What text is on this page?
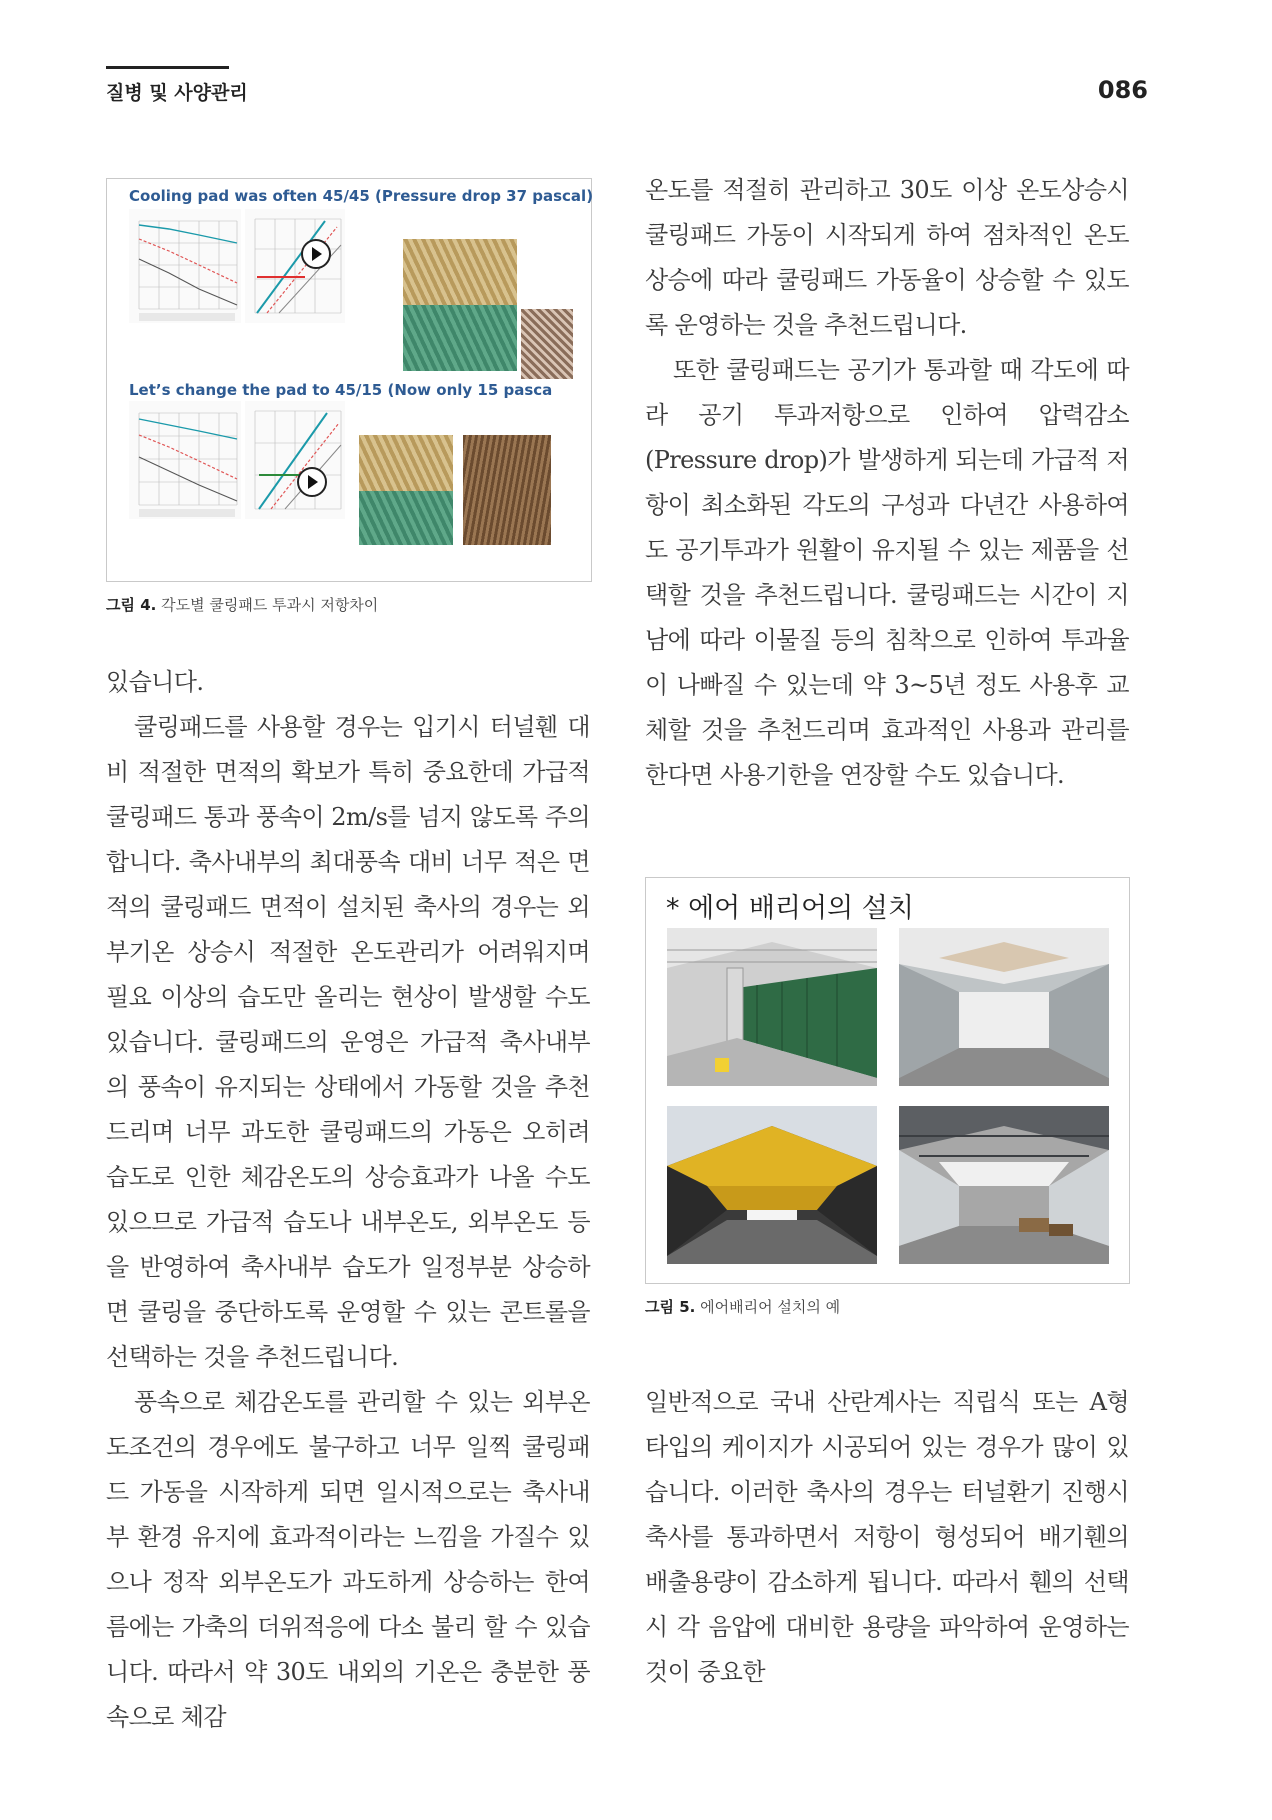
질병 및 사양관리	086
Cooling pad was often 45/45 (Pressure drop 37 pascal)
Let’s change the pad to 45/15 (Now only 15 pasca
그림 4. 각도별 쿨링패드 투과시 저항차이

온도를 적절히 관리하고 30도 이상 온도상승시 쿨링패드 가동이 시작되게 하여 점차적인 온도상승에 따라 쿨링패드 가동율이 상승할 수 있도록 운영하는 것을 추천드립니다.

또한 쿨링패드는 공기가 통과할 때 각도에 따라 공기 투과저항으로 인하여 압력감소(Pressure drop)가 발생하게 되는데 가급적 저항이 최소화된 각도의 구성과 다년간 사용하여도 공기투과가 원활이 유지될 수 있는 제품을 선택할 것을 추천드립니다. 쿨링패드는 시간이 지남에 따라 이물질 등의 침착으로 인하여 투과율이 나빠질 수 있는데 약 3~5년 정도 사용후 교체할 것을 추천드리며 효과적인 사용과 관리를 한다면 사용기한을 연장할 수도 있습니다.

있습니다.

쿨링패드를 사용할 경우는 입기시 터널휀 대비 적절한 면적의 확보가 특히 중요한데 가급적 쿨링패드 통과 풍속이 2m/s를 넘지 않도록 주의합니다. 축사내부의 최대풍속 대비 너무 적은 면적의 쿨링패드 면적이 설치된 축사의 경우는 외부기온 상승시 적절한 온도관리가 어려워지며 필요 이상의 습도만 올리는 현상이 발생할 수도 있습니다. 쿨링패드의 운영은 가급적 축사내부의 풍속이 유지되는 상태에서 가동할 것을 추천드리며 너무 과도한 쿨링패드의 가동은 오히려 습도로 인한 체감온도의 상승효과가 나올 수도 있으므로 가급적 습도나 내부온도, 외부온도 등을 반영하여 축사내부 습도가 일정부분 상승하면 쿨링을 중단하도록 운영할 수 있는 콘트롤을 선택하는 것을 추천드립니다.

풍속으로 체감온도를 관리할 수 있는 외부온도조건의 경우에도 불구하고 너무 일찍 쿨링패드 가동을 시작하게 되면 일시적으로는 축사내부 환경 유지에 효과적이라는 느낌을 가질수 있으나 정작 외부온도가 과도하게 상승하는 한여름에는 가축의 더위적응에 다소 불리 할 수 있습니다. 따라서 약 30도 내외의 기온은 충분한 풍속으로 체감

* 에어 배리어의 설치
그림 5. 에어배리어 설치의 예

일반적으로 국내 산란계사는 직립식 또는 A형 타입의 케이지가 시공되어 있는 경우가 많이 있습니다. 이러한 축사의 경우는 터널환기 진행시 축사를 통과하면서 저항이 형성되어 배기휀의 배출용량이 감소하게 됩니다. 따라서 휀의 선택시 각 음압에 대비한 용량을 파악하여 운영하는 것이 중요한
